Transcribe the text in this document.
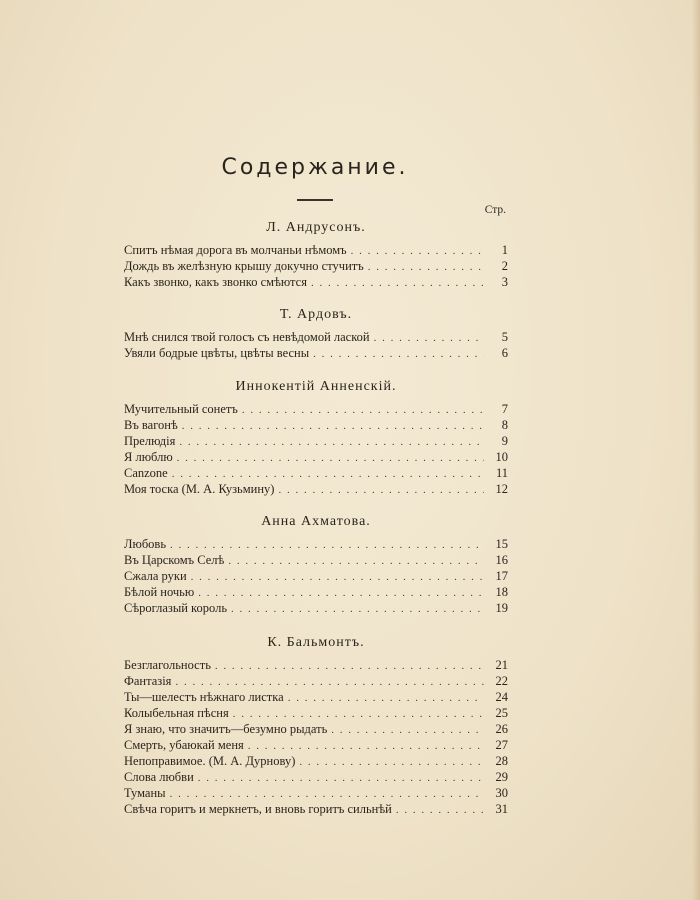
Содержание.
Стр.
Л. Андрусонъ.
Спитъ нѣмая дорога въ молчаньи нѣмомъ . . .	1
Дождь въ желѣзную крышу докучно стучитъ . . .	2
Какъ звонко, какъ звонко смѣются . . .	3
Т. Ардовъ.
Мнѣ снился твой голосъ съ невѣдомой лаской . . .	5
Увяли бодрые цвѣты, цвѣты весны . . .	6
Иннокентій Анненскій.
Мучительный сонетъ . . .	7
Въ вагонѣ . . .	8
Прелюдія . . .	9
Я люблю . . .	10
Canzone . . .	11
Моя тоска (М. А. Кузьмину) . . .	12
Анна Ахматова.
Любовь . . .	15
Въ Царскомъ Селѣ . . .	16
Сжала руки . . .	17
Бѣлой ночью . . .	18
Сѣроглазый король . . .	19
К. Бальмонтъ.
Безглагольность . . .	21
Фантазія . . .	22
Ты—шелестъ нѣжнаго листка . . .	24
Колыбельная пѣсня . . .	25
Я знаю, что значитъ—безумно рыдать . . .	26
Смерть, убаюкай меня . . .	27
Непоправимое. (М. А. Дурнову) . . .	28
Слова любви . . .	29
Туманы . . .	30
Свѣча горитъ и меркнетъ, и вновь горитъ сильнѣй . . .	31
